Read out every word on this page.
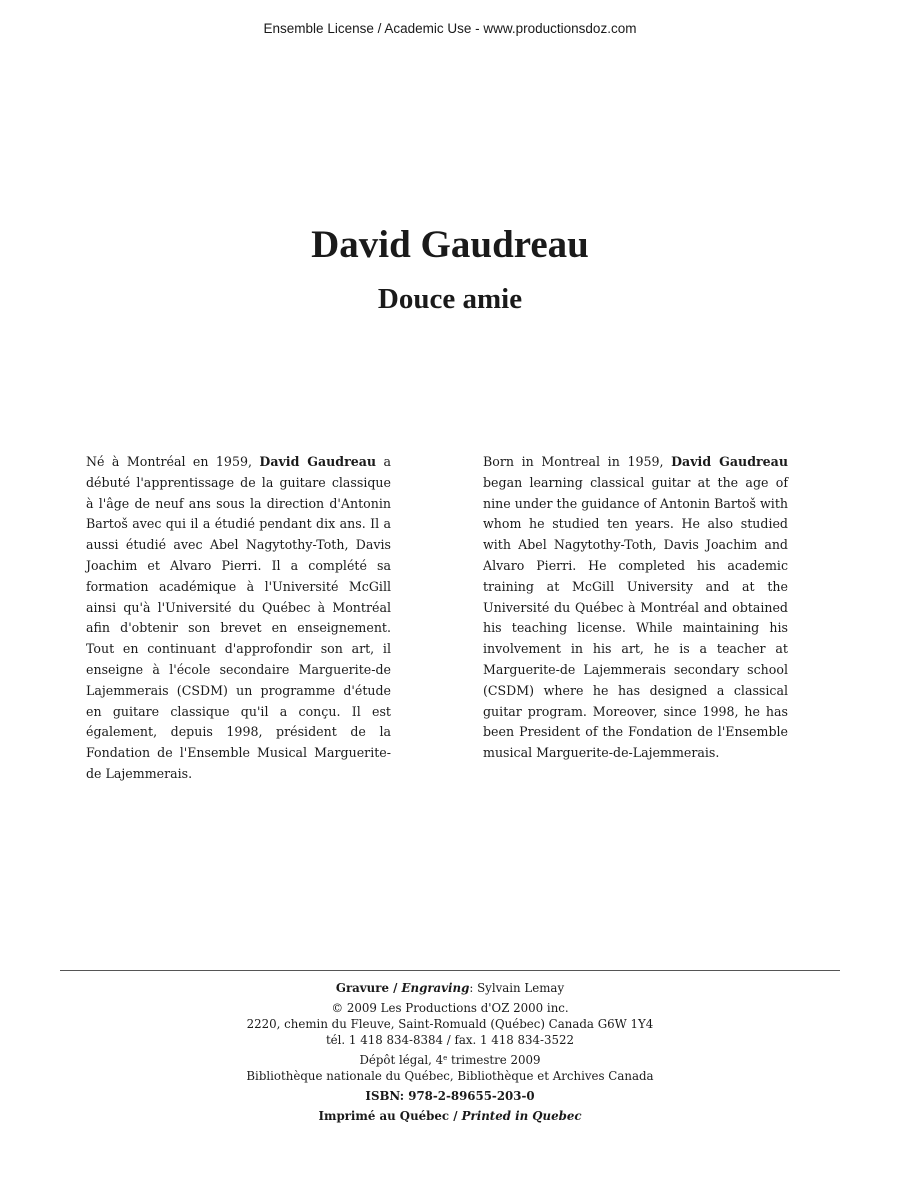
Ensemble License / Academic Use - www.productionsdoz.com
David Gaudreau
Douce amie

Né à Montréal en 1959, David Gaudreau a débuté l'apprentissage de la guitare classique à l'âge de neuf ans sous la direction d'Antonin Bartoš avec qui il a étudié pendant dix ans. Il a aussi étudié avec Abel Nagytothy-Toth, Davis Joachim et Alvaro Pierri. Il a complété sa formation académique à l'Université McGill ainsi qu'à l'Université du Québec à Montréal afin d'obtenir son brevet en enseignement. Tout en continuant d'approfondir son art, il enseigne à l'école secondaire Marguerite-de Lajemmerais (CSDM) un programme d'étude en guitare classique qu'il a conçu. Il est également, depuis 1998, président de la Fondation de l'Ensemble Musical Marguerite-de Lajemmerais.

Born in Montreal in 1959, David Gaudreau began learning classical guitar at the age of nine under the guidance of Antonin Bartoš with whom he studied ten years. He also studied with Abel Nagytothy-Toth, Davis Joachim and Alvaro Pierri. He completed his academic training at McGill University and at the Université du Québec à Montréal and obtained his teaching license. While maintaining his involvement in his art, he is a teacher at Marguerite-de Lajemmerais secondary school (CSDM) where he has designed a classical guitar program. Moreover, since 1998, he has been President of the Fondation de l'Ensemble musical Marguerite-de-Lajemmerais.

Gravure / Engraving: Sylvain Lemay
© 2009 Les Productions d'OZ 2000 inc.
2220, chemin du Fleuve, Saint-Romuald (Québec) Canada G6W 1Y4
tél. 1 418 834-8384 / fax. 1 418 834-3522
Dépôt légal, 4e trimestre 2009
Bibliothèque nationale du Québec, Bibliothèque et Archives Canada
ISBN: 978-2-89655-203-0
Imprimé au Québec / Printed in Quebec
